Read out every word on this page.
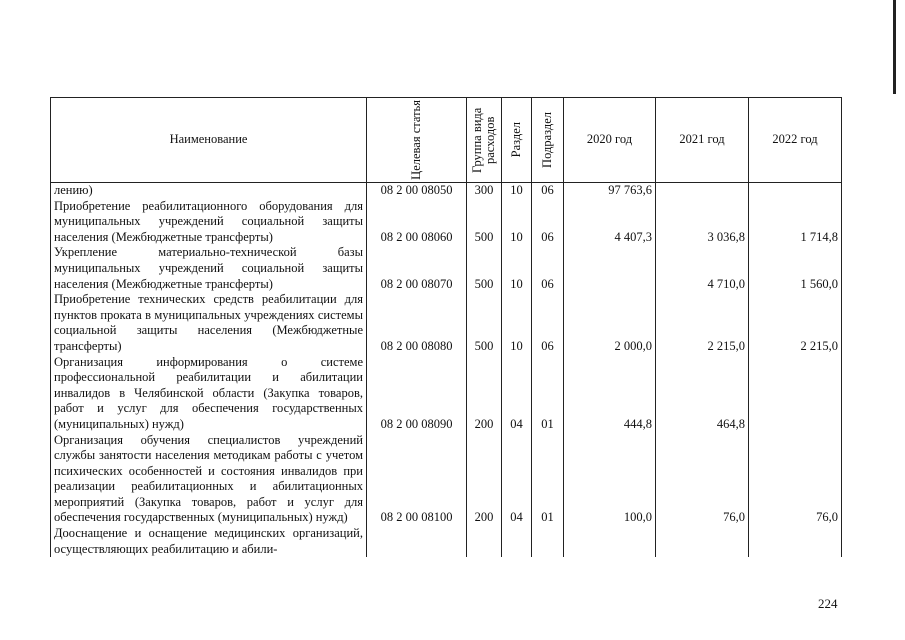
Наименование	Целевая статья	Группа вида расходов	Раздел	Подраздел	2020 год	2021 год	2022 год
лению)	08 2 00 08050	300	10	06	97 763,6		
Приобретение реабилитационного оборудования для муниципальных учреждений социальной защиты населения (Межбюджетные трансферты)	08 2 00 08060	500	10	06	4 407,3	3 036,8	1 714,8
Укрепление материально-технической базы муниципальных учреждений социальной защиты населения (Межбюджетные трансферты)	08 2 00 08070	500	10	06		4 710,0	1 560,0
Приобретение технических средств реабилитации для пунктов проката в муниципальных учреждениях системы социальной защиты населения (Межбюджетные трансферты)	08 2 00 08080	500	10	06	2 000,0	2 215,0	2 215,0
Организация информирования о системе профессиональной реабилитации и абилитации инвалидов в Челябинской области (Закупка товаров, работ и услуг для обеспечения государственных (муниципальных) нужд)	08 2 00 08090	200	04	01	444,8	464,8	
Организация обучения специалистов учреждений службы занятости населения методикам работы с учетом психических особенностей и состояния инвалидов при реализации реабилитационных и абилитационных мероприятий (Закупка товаров, работ и услуг для обеспечения государственных (муниципальных) нужд)	08 2 00 08100	200	04	01	100,0	76,0	76,0
Дооснащение и оснащение медицинских организаций, осуществляющих реабилитацию и абили-							
224
